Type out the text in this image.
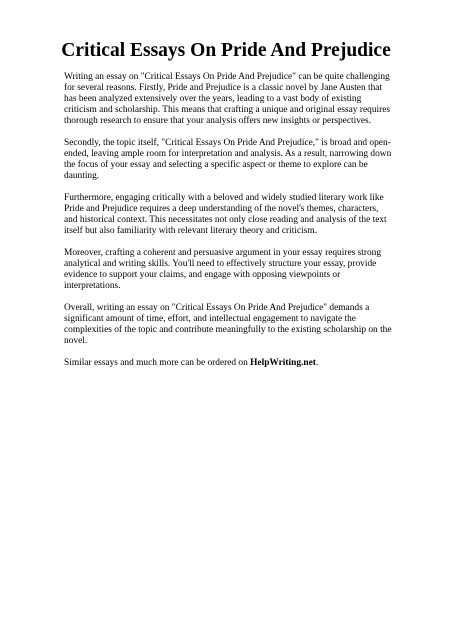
Critical Essays On Pride And Prejudice

Writing an essay on "Critical Essays On Pride And Prejudice" can be quite challenging for several reasons. Firstly, Pride and Prejudice is a classic novel by Jane Austen that has been analyzed extensively over the years, leading to a vast body of existing criticism and scholarship. This means that crafting a unique and original essay requires thorough research to ensure that your analysis offers new insights or perspectives.

Secondly, the topic itself, "Critical Essays On Pride And Prejudice," is broad and open-ended, leaving ample room for interpretation and analysis. As a result, narrowing down the focus of your essay and selecting a specific aspect or theme to explore can be daunting.

Furthermore, engaging critically with a beloved and widely studied literary work like Pride and Prejudice requires a deep understanding of the novel's themes, characters, and historical context. This necessitates not only close reading and analysis of the text itself but also familiarity with relevant literary theory and criticism.

Moreover, crafting a coherent and persuasive argument in your essay requires strong analytical and writing skills. You'll need to effectively structure your essay, provide evidence to support your claims, and engage with opposing viewpoints or interpretations.

Overall, writing an essay on "Critical Essays On Pride And Prejudice" demands a significant amount of time, effort, and intellectual engagement to navigate the complexities of the topic and contribute meaningfully to the existing scholarship on the novel.

Similar essays and much more can be ordered on HelpWriting.net.
